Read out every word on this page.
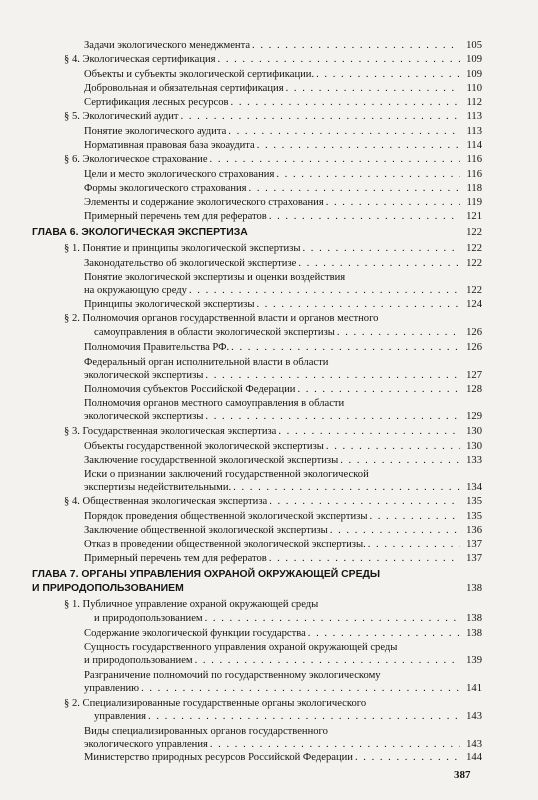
Задачи экологического менеджмента . . .	105
§ 4. Экологическая сертификация . . .	109
Объекты и субъекты экологической сертификации. . . .	109
Добровольная и обязательная сертификация . . .	110
Сертификация лесных ресурсов . . .	112
§ 5. Экологический аудит . . .	113
Понятие экологического аудита . . .	113
Нормативная правовая база экоаудита . . .	114
§ 6. Экологическое страхование . . .	116
Цели и место экологического страхования . . .	116
Формы экологического страхования . . .	118
Элементы и содержание экологического страхования . . .	119
Примерный перечень тем для рефератов . . .	121
ГЛАВА 6. ЭКОЛОГИЧЕСКАЯ ЭКСПЕРТИЗА	122
§ 1. Понятие и принципы экологической экспертизы . . .	122
Законодательство об экологической экспертизе . . .	122
Понятие экологической экспертизы и оценки воздействия
на окружающую среду . . .	122
Принципы экологической экспертизы . . .	124
§ 2. Полномочия органов государственной власти и органов местного
самоуправления в области экологической экспертизы . . .	126
Полномочия Правительства РФ. . . .	126
Федеральный орган исполнительной власти в области
экологической экспертизы . . .	127
Полномочия субъектов Российской Федерации . . .	128
Полномочия органов местного самоуправления в области
экологической экспертизы . . .	129
§ 3. Государственная экологическая экспертиза . . .	130
Объекты государственной экологической экспертизы . . .	130
Заключение государственной экологической экспертизы . . .	133
Иски о признании заключений государственной экологической
экспертизы недействительными. . . .	134
§ 4. Общественная экологическая экспертиза . . .	135
Порядок проведения общественной экологической экспертизы . . .	135
Заключение общественной экологической экспертизы . . .	136
Отказ в проведении общественной экологической экспертизы. . . .	137
Примерный перечень тем для рефератов . . .	137
ГЛАВА 7. ОРГАНЫ УПРАВЛЕНИЯ ОХРАНОЙ ОКРУЖАЮЩЕЙ СРЕДЫ
И ПРИРОДОПОЛЬЗОВАНИЕМ	138
§ 1. Публичное управление охраной окружающей среды
и природопользованием . . .	138
Содержание экологической функции государства . . .	138
Сущность государственного управления охраной окружающей среды
и природопользованием . . .	139
Разграничение полномочий по государственному экологическому
управлению . . .	141
§ 2. Специализированные государственные органы экологического
управления . . .	143
Виды специализированных органов государственного
экологического управления . . .	143
Министерство природных ресурсов Российской Федерации . . .	144
387
